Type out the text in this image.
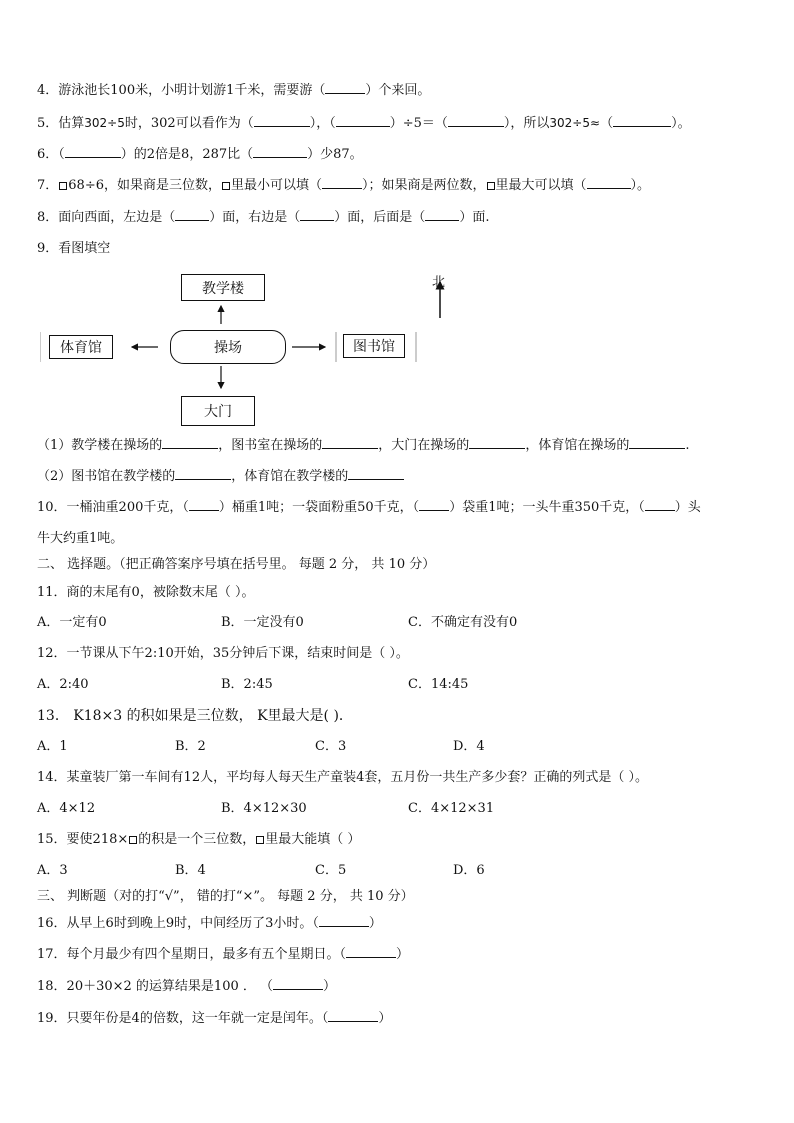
4．游泳池长100米，小明计划游1千米，需要游（	）个来回。
5．估算302÷5时，302可以看作为（	），（	）÷5＝（	），所以302÷5≈（	）。
6．（	）的2倍是8，287比（	）少87。
7． 68÷6，如果商是三位数， 里最小可以填（	）；如果商是两位数， 里最大可以填（	）。
8．面向西面，左边是（	）面，右边是（	）面，后面是（	）面.
9．看图填空
教学楼
操场
体育馆	图书馆
大门
北
（1）教学楼在操场的	，图书室在操场的	，大门在操场的	，体育馆在操场的	.
（2）图书馆在教学楼的	，体育馆在教学楼的
10．一桶油重200千克，（ ）桶重1吨；一袋面粉重50千克，（ ）袋重1吨；一头牛重350千克，（ ）头
牛大约重1吨。
二、 选择题。（把正确答案序号填在括号里。 每题 2 分， 共 10 分）
11．商的末尾有0，被除数末尾（ ）。
A．一定有0	B．一定没有0	C．不确定有没有0
12．一节课从下午2:10开始，35分钟后下课，结束时间是（ ）。
A．2:40	B．2:45	C．14:45
13． K18×3 的积如果是三位数， K里最大是( )．
A．1	B．2	C．3	D．4
14．某童装厂第一车间有12人，平均每人每天生产童装4套，五月份一共生产多少套？正确的列式是（ ）。
A．4×12	B．4×12×30	C．4×12×31
15．要使218× 的积是一个三位数， 里最大能填（ ）
A．3	B．4	C．5	D．6
三、 判断题（对的打“√”， 错的打“×”。 每题 2 分， 共 10 分）
16．从早上6时到晚上9时，中间经历了3小时。（	）
17．每个月最少有四个星期日，最多有五个星期日。（	）
18．20＋30×2 的运算结果是100 ． （	）
19．只要年份是4的倍数，这一年就一定是闰年。（	）
